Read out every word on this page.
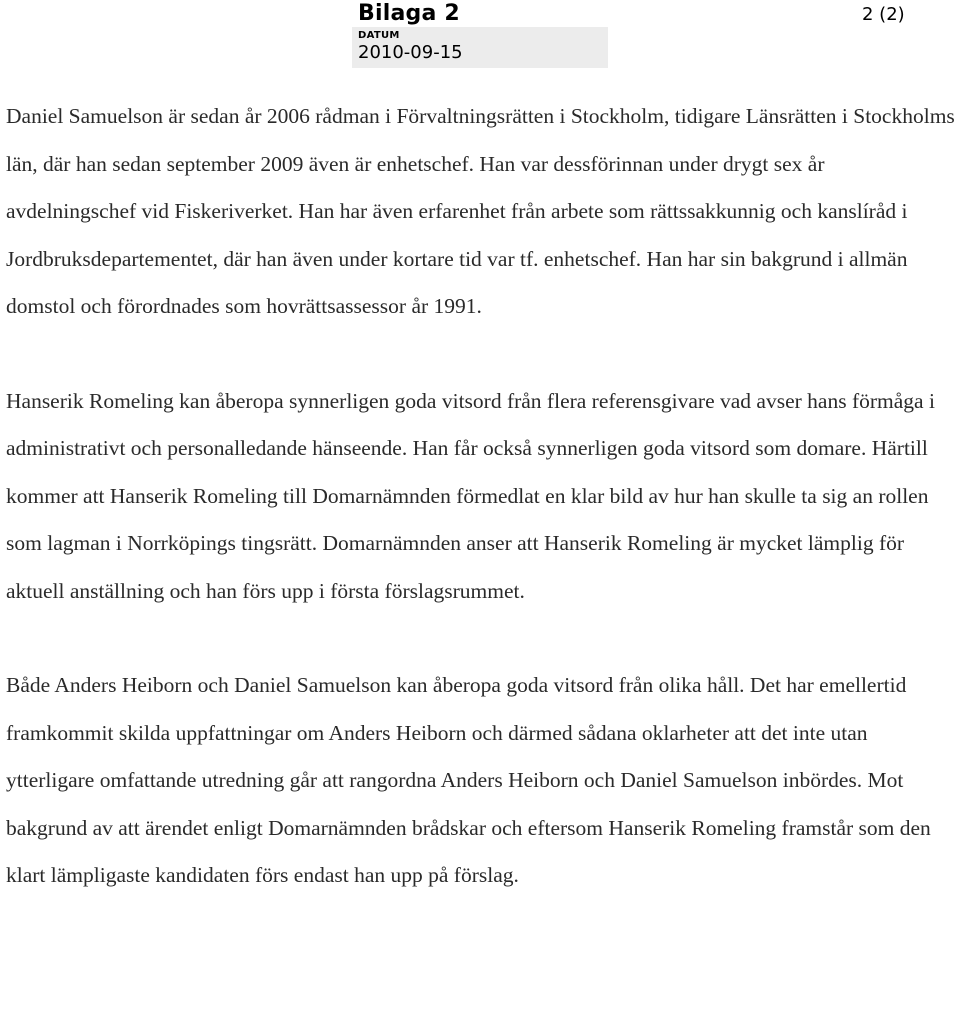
Bilaga 2	2 (2)
DATUM
2010-09-15

Daniel Samuelson är sedan år 2006 rådman i Förvaltningsrätten i Stockholm, tidigare Länsrätten i Stockholms län, där han sedan september 2009 även är enhetschef. Han var dessförinnan under drygt sex år avdelningschef vid Fiskeriverket. Han har även erfarenhet från arbete som rättssakkunnig och kanslíråd i Jordbruksdepartementet, där han även under kortare tid var tf. enhetschef. Han har sin bakgrund i allmän domstol och förordnades som hovrättsassessor år 1991.

Hanserik Romeling kan åberopa synnerligen goda vitsord från flera referensgivare vad avser hans förmåga i administrativt och personalledande hänseende. Han får också synnerligen goda vitsord som domare. Härtill kommer att Hanserik Romeling till Domarnämnden förmedlat en klar bild av hur han skulle ta sig an rollen som lagman i Norrköpings tingsrätt. Domarnämnden anser att Hanserik Romeling är mycket lämplig för aktuell anställning och han förs upp i första förslagsrummet.

Både Anders Heiborn och Daniel Samuelson kan åberopa goda vitsord från olika håll. Det har emellertid framkommit skilda uppfattningar om Anders Heiborn och därmed sådana oklarheter att det inte utan ytterligare omfattande utredning går att rangordna Anders Heiborn och Daniel Samuelson inbördes. Mot bakgrund av att ärendet enligt Domarnämnden brådskar och eftersom Hanserik Romeling framstår som den klart lämpligaste kandidaten förs endast han upp på förslag.
